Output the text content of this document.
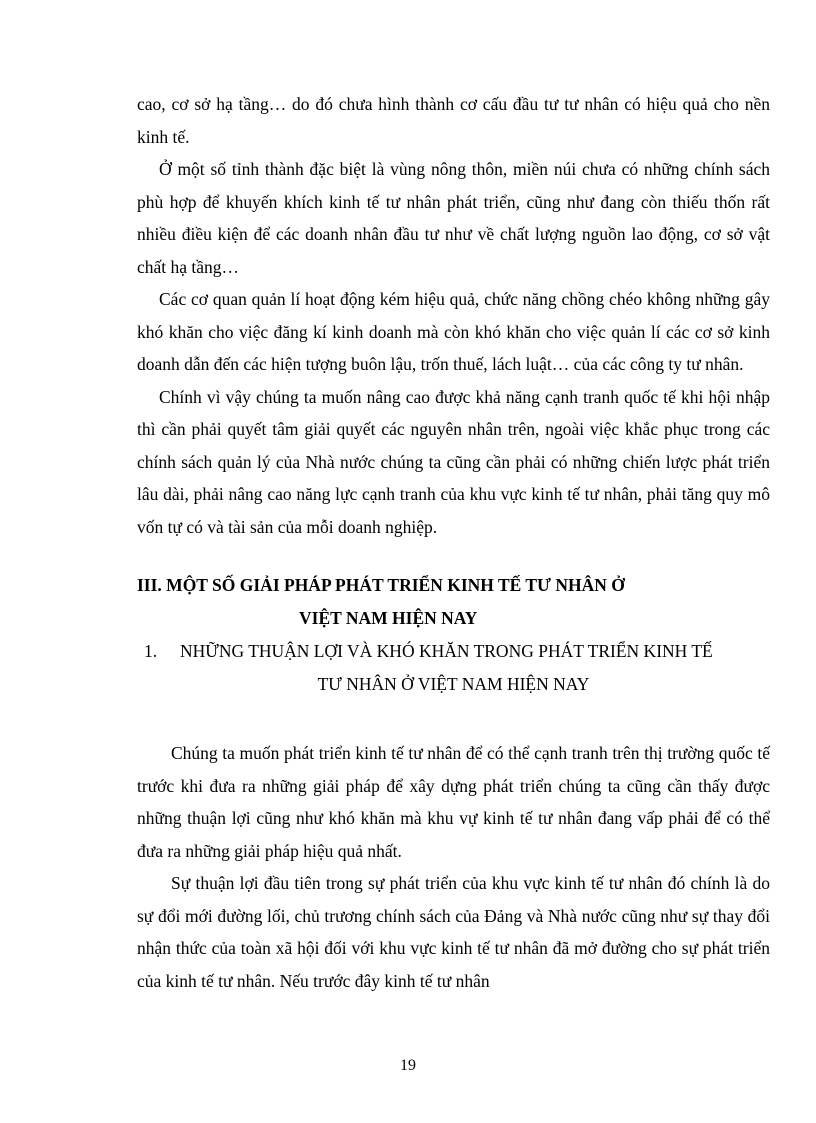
cao, cơ sở hạ tầng… do đó chưa hình thành cơ cấu đầu tư tư nhân có hiệu quả cho nền kinh tế.

Ở một số tỉnh thành đặc biệt là vùng nông thôn, miền núi chưa có những chính sách phù hợp để khuyến khích kinh tế tư nhân phát triển, cũng như đang còn thiếu thốn rất nhiều điều kiện để các doanh nhân đầu tư như về chất lượng nguồn lao động, cơ sở vật chất hạ tầng…

Các cơ quan quản lí hoạt động kém hiệu quả, chức năng chồng chéo không những gây khó khăn cho việc đăng kí kinh doanh mà còn khó khăn cho việc quản lí các cơ sở kinh doanh dẫn đến các hiện tượng buôn lậu, trốn thuế, lách luật… của các công ty tư nhân.

Chính vì vậy chúng ta muốn nâng cao được khả năng cạnh tranh quốc tế khi hội nhập thì cần phải quyết tâm giải quyết các nguyên nhân trên, ngoài việc khắc phục trong các chính sách quản lý của Nhà nước chúng ta cũng cần phải có những chiến lược phát triển lâu dài, phải nâng cao năng lực cạnh tranh của khu vực kinh tế tư nhân, phải tăng quy mô vốn tự có và tài sản của mỗi doanh nghiệp.

III. MỘT SỐ GIẢI PHÁP PHÁT TRIỂN KINH TẾ TƯ NHÂN Ở
VIỆT NAM HIỆN NAY

1. NHỮNG THUẬN LỢI VÀ KHÓ KHĂN TRONG PHÁT TRIỂN KINH TẾ
TƯ NHÂN Ở VIỆT NAM HIỆN NAY

Chúng ta muốn phát triển kinh tế tư nhân để có thể cạnh tranh trên thị trường quốc tế trước khi đưa ra những giải pháp để xây dựng phát triển chúng ta cũng cần thấy được những thuận lợi cũng như khó khăn mà khu vự kinh tế tư nhân đang vấp phải để có thể đưa ra những giải pháp hiệu quả nhất.

Sự thuận lợi đầu tiên trong sự phát triển của khu vực kinh tế tư nhân đó chính là do sự đổi mới đường lối, chủ trương chính sách của Đảng và Nhà nước cũng như sự thay đổi nhận thức của toàn xã hội đối với khu vực kinh tế tư nhân đã mở đường cho sự phát triển của kinh tế tư nhân. Nếu trước đây kinh tế tư nhân

19
